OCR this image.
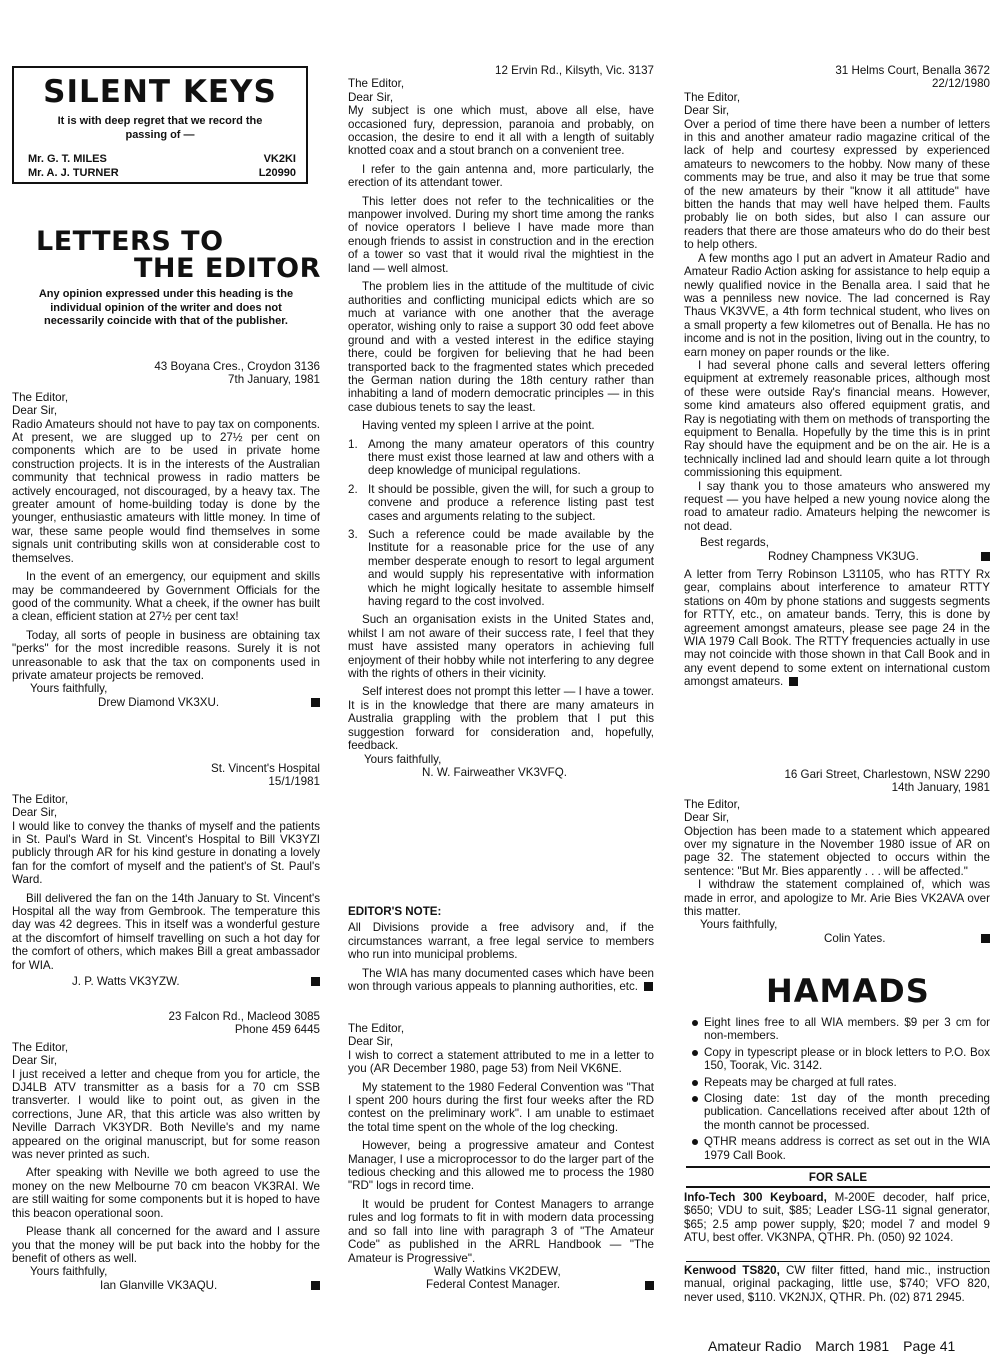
SILENT KEYS
It is with deep regret that we record the passing of —
Mr. G. T. MILES	VK2KI
Mr. A. J. TURNER	L20990
LETTERS TO
THE EDITOR
Any opinion expressed under this heading is the individual opinion of the writer and does not necessarily coincide with that of the publisher.

43 Boyana Cres., Croydon 3136

7th January, 1981

The Editor,

Dear Sir,

Radio Amateurs should not have to pay tax on components. At present, we are slugged up to 27½ per cent on components which are to be used in private home construction projects. It is in the interests of the Australian community that technical prowess in radio matters be actively encouraged, not discouraged, by a heavy tax. The greater amount of home-building today is done by the younger, enthusiastic amateurs with little money. In time of war, these same people would find themselves in some signals unit contributing skills won at considerable cost to themselves.

In the event of an emergency, our equipment and skills may be commandeered by Government Officials for the good of the community. What a cheek, if the owner has built a clean, efficient station at 27½ per cent tax!

Today, all sorts of people in business are obtaining tax "perks" for the most incredible reasons. Surely it is not unreasonable to ask that the tax on components used in private amateur projects be removed.

Yours faithfully,

Drew Diamond VK3XU.

St. Vincent's Hospital

15/1/1981

The Editor,

Dear Sir,

I would like to convey the thanks of myself and the patients in St. Paul's Ward in St. Vincent's Hospital to Bill VK3YZI publicly through AR for his kind gesture in donating a lovely fan for the comfort of myself and the patient's of St. Paul's Ward.

Bill delivered the fan on the 14th January to St. Vincent's Hospital all the way from Gembrook. The temperature this day was 42 degrees. This in itself was a wonderful gesture at the discomfort of himself travelling on such a hot day for the comfort of others, which makes Bill a great ambassador for WIA.

J. P. Watts VK3YZW.

23 Falcon Rd., Macleod 3085

Phone 459 6445

The Editor,

Dear Sir,

I just received a letter and cheque from you for article, the DJ4LB ATV transmitter as a basis for a 70 cm SSB transverter. I would like to point out, as given in the corrections, June AR, that this article was also written by Neville Darrach VK3YDR. Both Neville's and my name appeared on the original manuscript, but for some reason was never printed as such.

After speaking with Neville we both agreed to use the money on the new Melbourne 70 cm beacon VK3RAI. We are still waiting for some components but it is hoped to have this beacon operational soon.

Please thank all concerned for the award and I assure you that the money will be put back into the hobby for the benefit of others as well.

Yours faithfully,

Ian Glanville VK3AQU.

12 Ervin Rd., Kilsyth, Vic. 3137

The Editor,

Dear Sir,

My subject is one which must, above all else, have occasioned fury, depression, paranoia and probably, on occasion, the desire to end it all with a length of suitably knotted coax and a stout branch on a convenient tree.

I refer to the gain antenna and, more particularly, the erection of its attendant tower.

This letter does not refer to the technicalities or the manpower involved. During my short time among the ranks of novice operators I believe I have made more than enough friends to assist in construction and in the erection of a tower so vast that it would rival the mightiest in the land — well almost.

The problem lies in the attitude of the multitude of civic authorities and conflicting municipal edicts which are so much at variance with one another that the average operator, wishing only to raise a support 30 odd feet above ground and with a vested interest in the edifice staying there, could be forgiven for believing that he had been transported back to the fragmented states which preceded the German nation during the 18th century rather than inhabiting a land of modern democratic principles — in this case dubious tenets to say the least.

Having vented my spleen I arrive at the point.

1. Among the many amateur operators of this country there must exist those learned at law and others with a deep knowledge of municipal regulations.
2. It should be possible, given the will, for such a group to convene and produce a reference listing past test cases and arguments relating to the subject.
3. Such a reference could be made available by the Institute for a reasonable price for the use of any member desperate enough to resort to legal argument and would supply his representative with information which he might logically hesitate to assemble himself having regard to the cost involved.

Such an organisation exists in the United States and, whilst I am not aware of their success rate, I feel that they must have assisted many operators in achieving full enjoyment of their hobby while not interfering to any degree with the rights of others in their vicinity.

Self interest does not prompt this letter — I have a tower. It is in the knowledge that there are many amateurs in Australia grappling with the problem that I put this suggestion forward for consideration and, hopefully, feedback.

Yours faithfully,

N. W. Fairweather VK3VFQ.

EDITOR'S NOTE:

All Divisions provide a free advisory and, if the circumstances warrant, a free legal service to members who run into municipal problems.

The WIA has many documented cases which have been won through various appeals to planning authorities, etc.

The Editor,

Dear Sir,

I wish to correct a statement attributed to me in a letter to you (AR December 1980, page 53) from Neil VK6NE.

My statement to the 1980 Federal Convention was "That I spent 200 hours during the first four weeks after the RD contest on the preliminary work". I am unable to estimaet the total time spent on the whole of the log checking.

However, being a progressive amateur and Contest Manager, I use a microprocessor to do the larger part of the tedious checking and this allowed me to process the 1980 "RD" logs in record time.

It would be prudent for Contest Managers to arrange rules and log formats to fit in with modern data processing and so fall into line with paragraph 3 of "The Amateur Code" as published in the ARRL Handbook — "The Amateur is Progressive".

Wally Watkins VK2DEW,

Federal Contest Manager.

31 Helms Court, Benalla 3672

22/12/1980

The Editor,

Dear Sir,

Over a period of time there have been a number of letters in this and another amateur radio magazine critical of the lack of help and courtesy expressed by experienced amateurs to newcomers to the hobby. Now many of these comments may be true, and also it may be true that some of the new amateurs by their "know it all attitude" have bitten the hands that may well have helped them. Faults probably lie on both sides, but also I can assure our readers that there are those amateurs who do do their best to help others.

A few months ago I put an advert in Amateur Radio and Amateur Radio Action asking for assistance to help equip a newly qualified novice in the Benalla area. I said that he was a penniless new novice. The lad concerned is Ray Thaus VK3VVE, a 4th form technical student, who lives on a small property a few kilometres out of Benalla. He has no income and is not in the position, living out in the country, to earn money on paper rounds or the like.

I had several phone calls and several letters offering equipment at extremely reasonable prices, although most of these were outside Ray's financial means. However, some kind amateurs also offered equipment gratis, and Ray is negotiating with them on methods of transporting the equipment to Benalla. Hopefully by the time this is in print Ray should have the equipment and be on the air. He is a technically inclined lad and should learn quite a lot through commissioning this equipment.

I say thank you to those amateurs who answered my request — you have helped a new young novice along the road to amateur radio. Amateurs helping the newcomer is not dead.

Best regards,

Rodney Champness VK3UG.

A letter from Terry Robinson L31105, who has RTTY Rx gear, complains about interference to amateur RTTY stations on 40m by phone stations and suggests segments for RTTY, etc., on amateur bands. Terry, this is done by agreement amongst amateurs, please see page 24 in the WIA 1979 Call Book. The RTTY frequencies actually in use may not coincide with those shown in that Call Book and in any event depend to some extent on international custom amongst amateurs.

16 Gari Street, Charlestown, NSW 2290

14th January, 1981

The Editor,

Dear Sir,

Objection has been made to a statement which appeared over my signature in the November 1980 issue of AR on page 32. The statement objected to occurs within the sentence: "But Mr. Bies apparently . . . will be affected."

I withdraw the statement complained of, which was made in error, and apologize to Mr. Arie Bies VK2AVA over this matter.

Yours faithfully,

Colin Yates.
HAMADS
Eight lines free to all WIA members. $9 per 3 cm for non-members.
Copy in typescript please or in block letters to P.O. Box 150, Toorak, Vic. 3142.
Repeats may be charged at full rates.
Closing date: 1st day of the month preceding publication. Cancellations received after about 12th of the month cannot be processed.
QTHR means address is correct as set out in the WIA 1979 Call Book.
FOR SALE

Info-Tech 300 Keyboard, M-200E decoder, half price, $650; VDU to suit, $85; Leader LSG-11 signal generator, $65; 2.5 amp power supply, $20; model 7 and model 9 ATU, best offer. VK3NPA, QTHR. Ph. (050) 92 1024.

Kenwood TS820, CW filter fitted, hand mic., instruction manual, original packaging, little use, $740; VFO 820, never used, $110. VK2NJX, QTHR. Ph. (02) 871 2945.

Amateur Radio March 1981 Page 41
